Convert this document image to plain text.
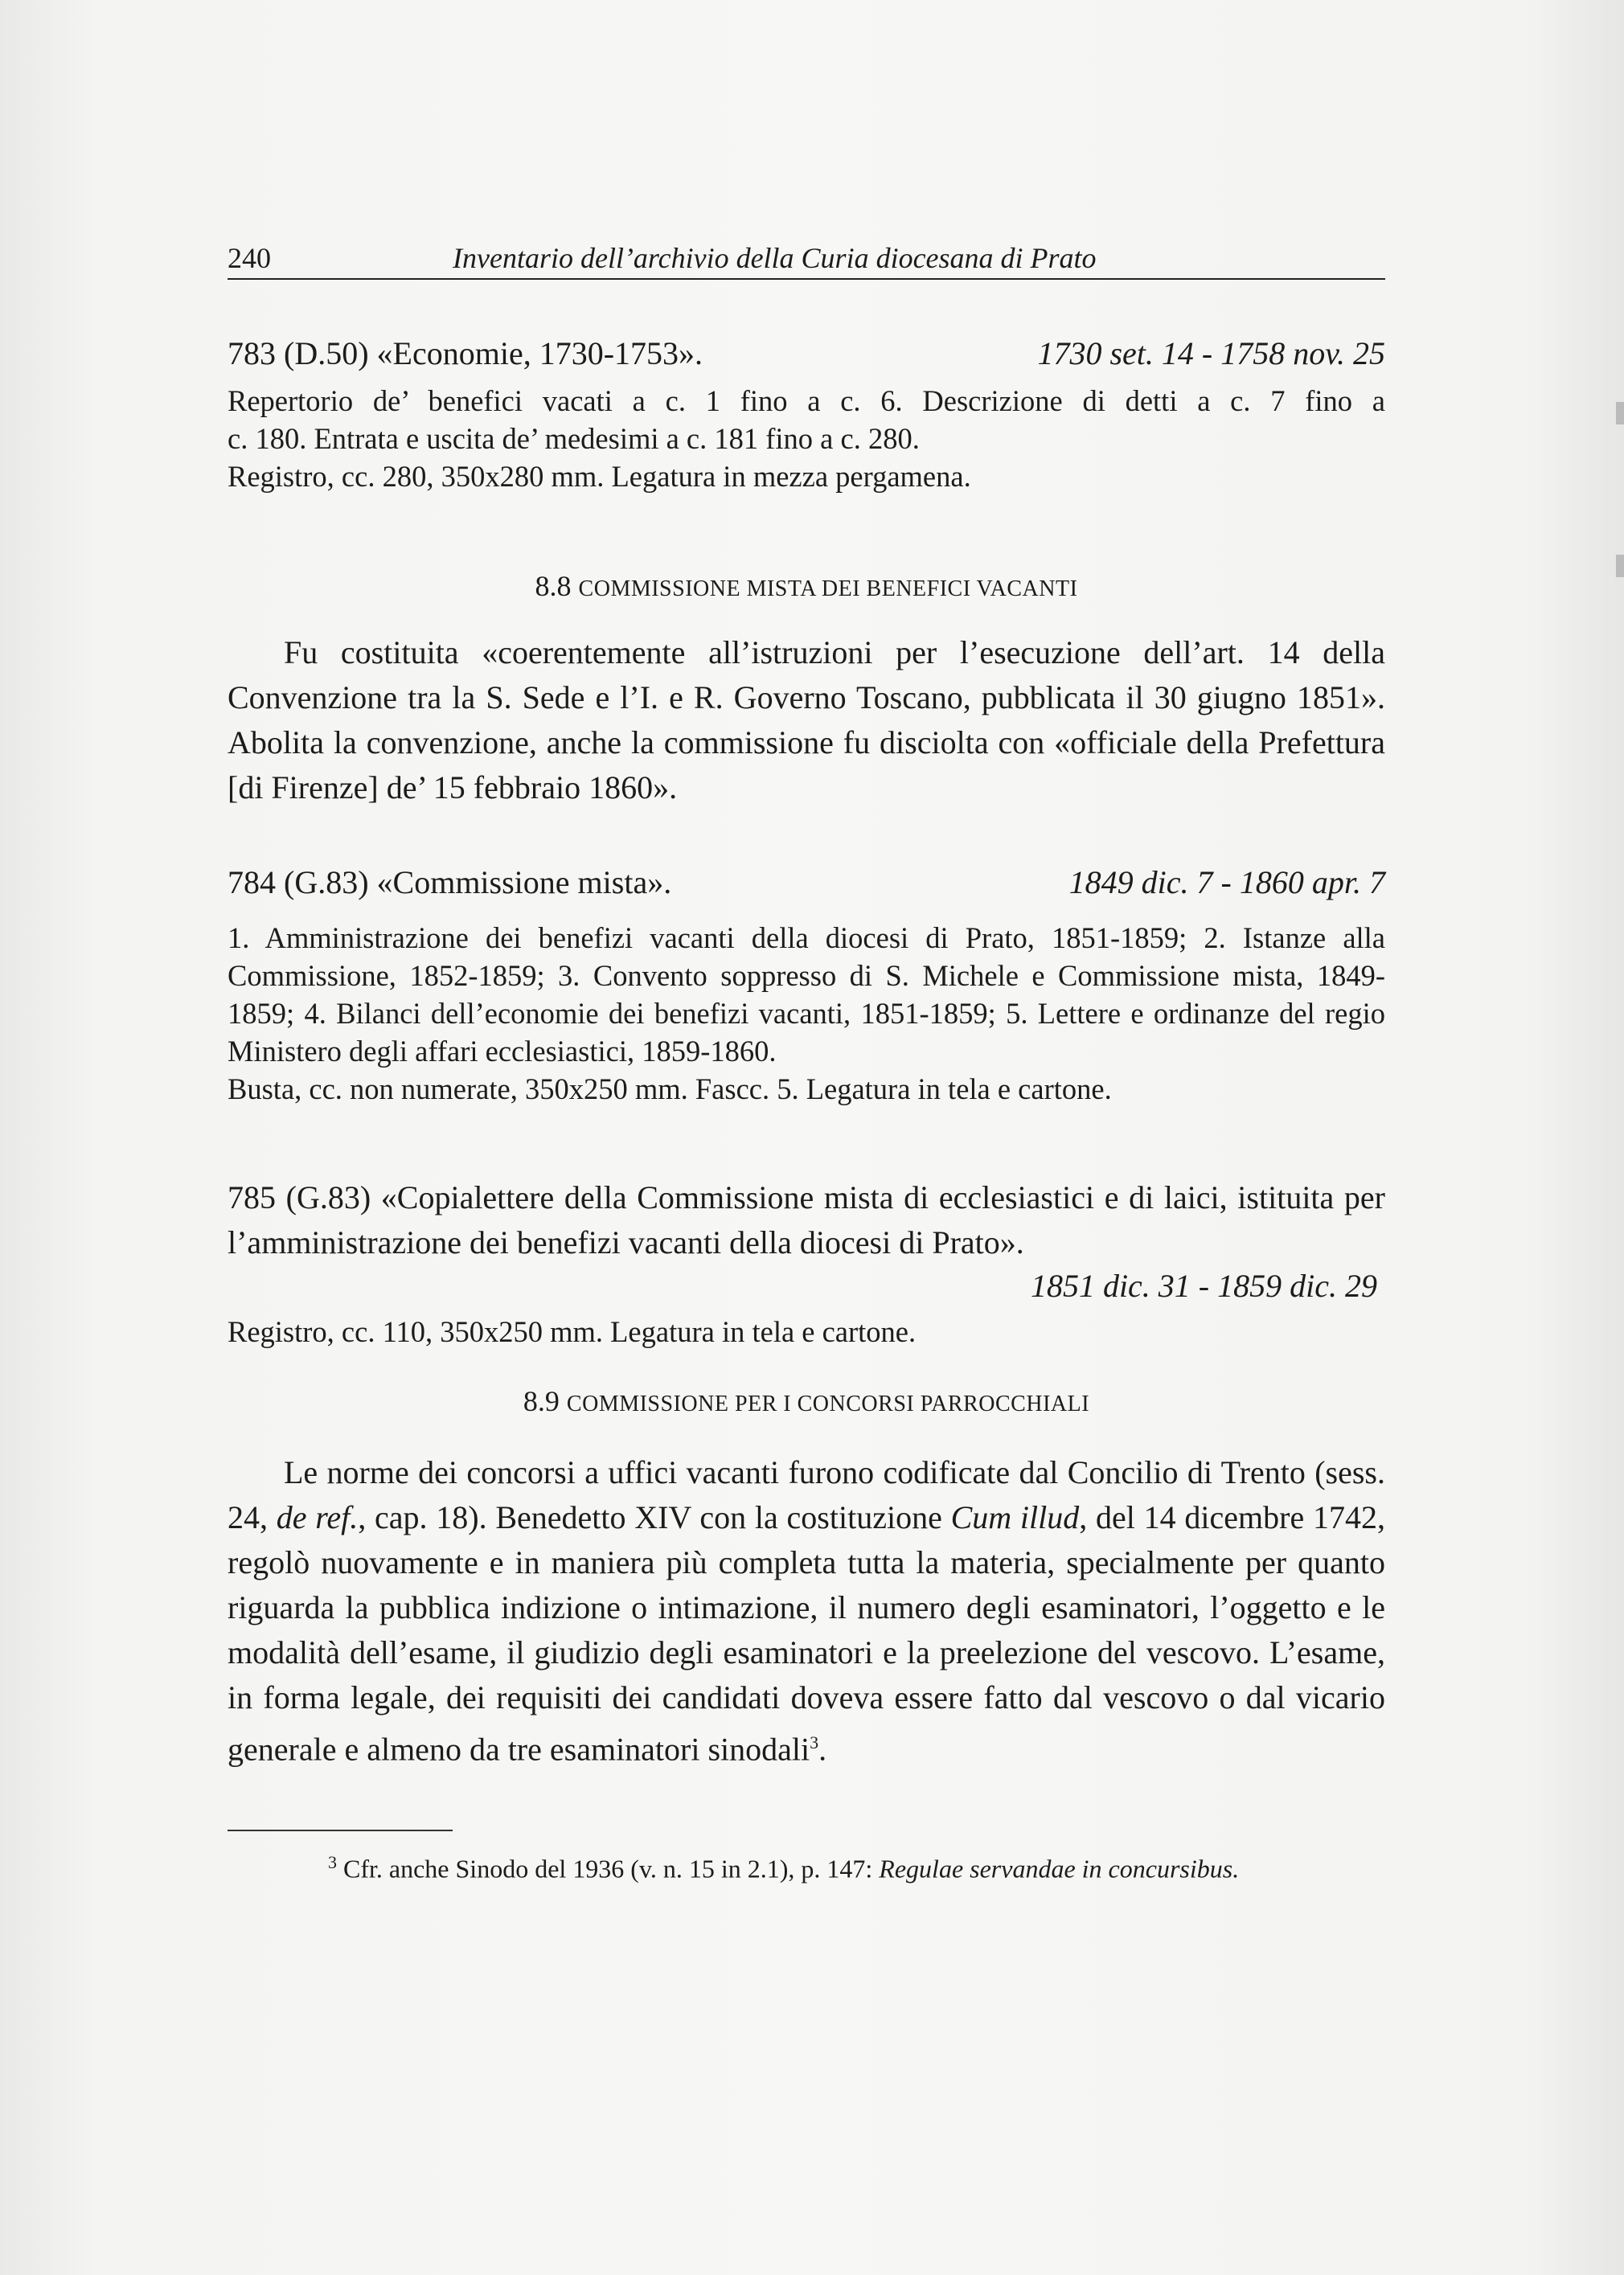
240	Inventario dell’archivio della Curia diocesana di Prato
783 (D.50) «Economie, 1730-1753».	1730 set. 14 - 1758 nov. 25
Repertorio de’ benefici vacati a c. 1 fino a c. 6. Descrizione di detti a c. 7 fino a
c. 180. Entrata e uscita de’ medesimi a c. 181 fino a c. 280.
Registro, cc. 280, 350x280 mm. Legatura in mezza pergamena.
8.8 COMMISSIONE MISTA DEI BENEFICI VACANTI

Fu costituita «coerentemente all’istruzioni per l’esecuzione dell’art. 14 della Convenzione tra la S. Sede e l’I. e R. Governo Toscano, pubblicata il 30 giugno 1851». Abolita la convenzione, anche la commissione fu disciolta con «officiale della Prefettura [di Firenze] de’ 15 febbraio 1860».

784 (G.83) «Commissione mista».	1849 dic. 7 - 1860 apr. 7

1. Amministrazione dei benefizi vacanti della diocesi di Prato, 1851-1859; 2. Istanze alla Commissione, 1852-1859; 3. Convento soppresso di S. Michele e Commissione mista, 1849-1859; 4. Bilanci dell’economie dei benefizi vacanti, 1851-1859; 5. Lettere e ordinanze del regio Ministero degli affari ecclesiastici, 1859-1860.

Busta, cc. non numerate, 350x250 mm. Fascc. 5. Legatura in tela e cartone.

785 (G.83) «Copialettere della Commissione mista di ecclesiastici e di laici, istituita per l’amministrazione dei benefizi vacanti della diocesi di Prato».

1851 dic. 31 - 1859 dic. 29

Registro, cc. 110, 350x250 mm. Legatura in tela e cartone.

8.9 COMMISSIONE PER I CONCORSI PARROCCHIALI

Le norme dei concorsi a uffici vacanti furono codificate dal Concilio di Trento (sess. 24, de ref., cap. 18). Benedetto XIV con la costituzione Cum illud, del 14 dicembre 1742, regolò nuovamente e in maniera più completa tutta la materia, specialmente per quanto riguarda la pubblica indizione o intimazione, il numero degli esaminatori, l’oggetto e le modalità dell’esame, il giudizio degli esaminatori e la preelezione del vescovo. L’esame, in forma legale, dei requisiti dei candidati doveva essere fatto dal vescovo o dal vicario generale e almeno da tre esaminatori sinodali$^3$.

$^3$ Cfr. anche Sinodo del 1936 (v. n. 15 in 2.1), p. 147: Regulae servandae in concursibus.
